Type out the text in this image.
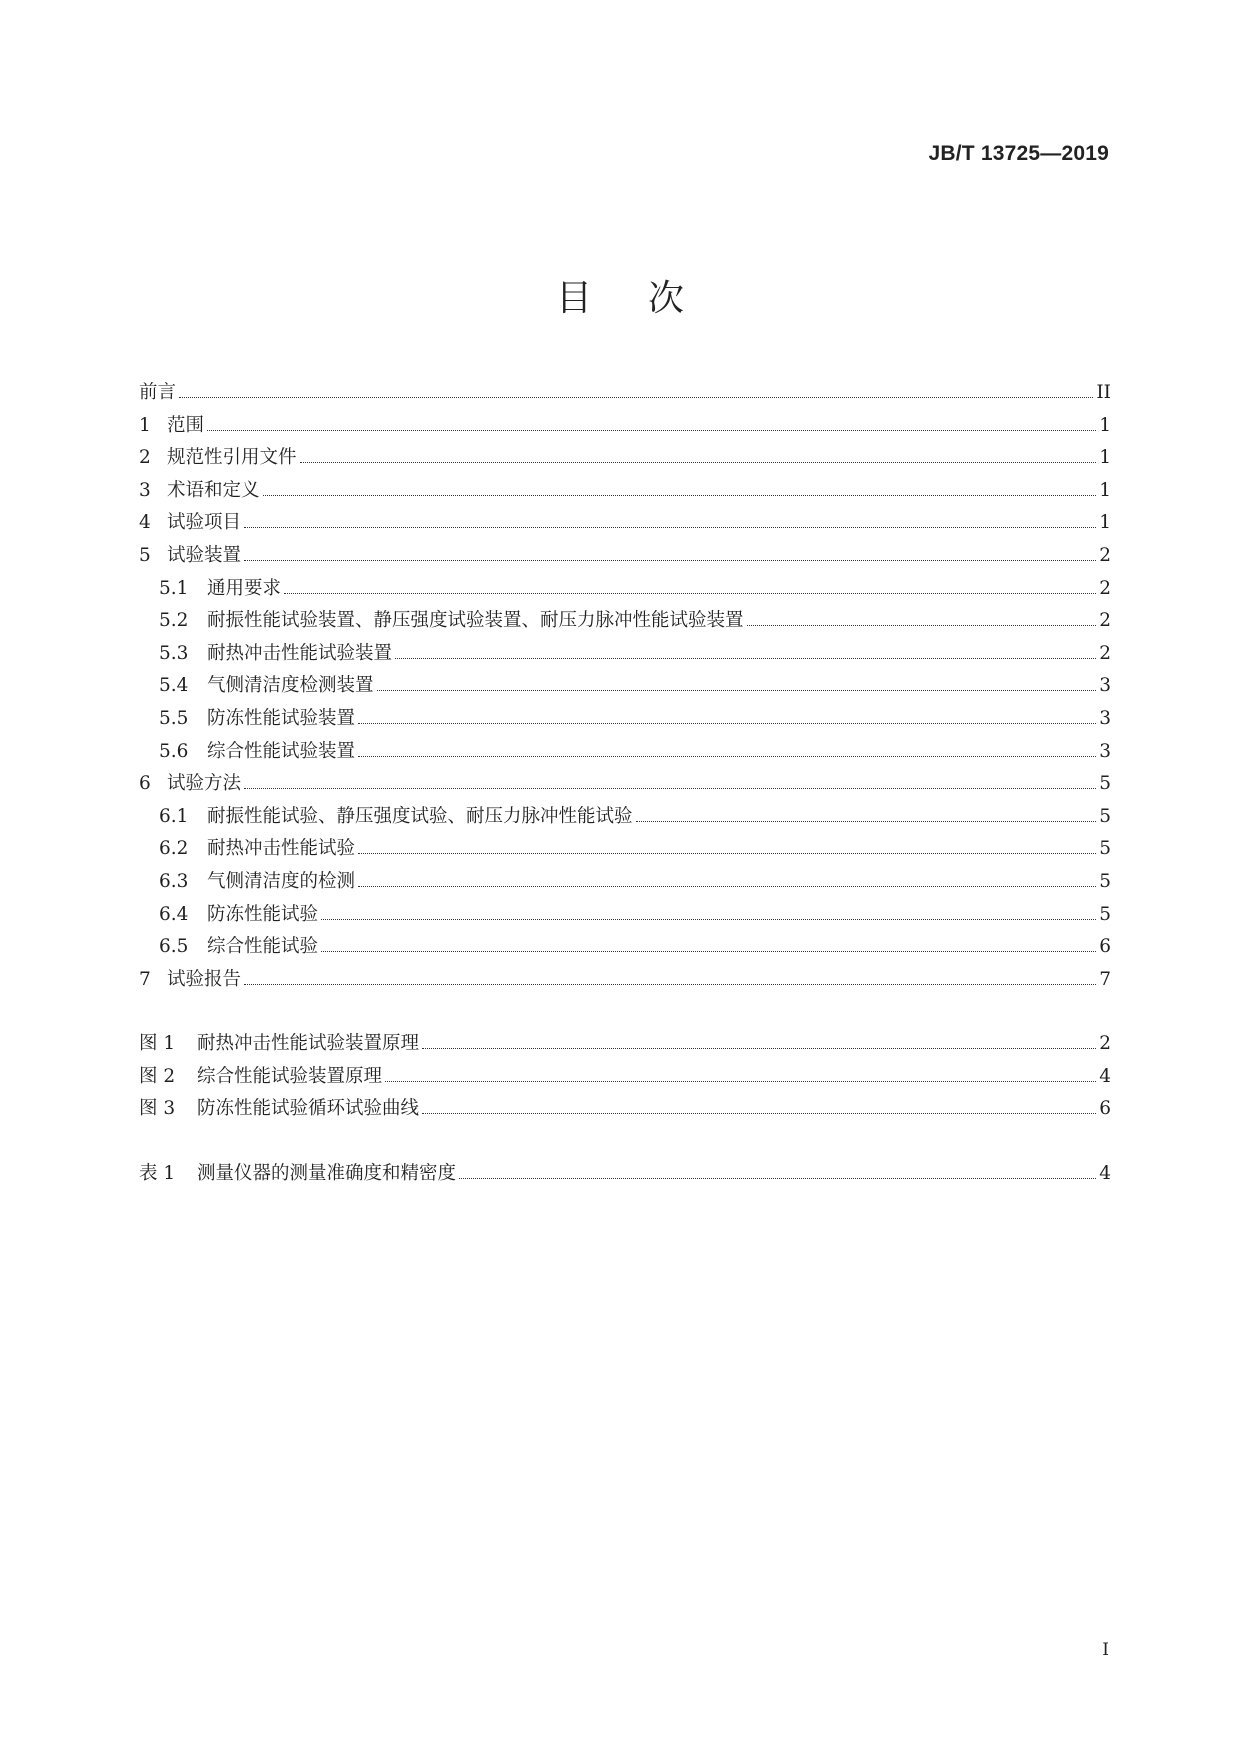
JB/T 13725—2019
目次
前言	II
1 范围	1
2 规范性引用文件	1
3 术语和定义	1
4 试验项目	1
5 试验装置	2
5.1	通用要求	2
5.2	耐振性能试验装置、静压强度试验装置、耐压力脉冲性能试验装置	2
5.3	耐热冲击性能试验装置	2
5.4	气侧清洁度检测装置	3
5.5	防冻性能试验装置	3
5.6	综合性能试验装置	3
6 试验方法	5
6.1	耐振性能试验、静压强度试验、耐压力脉冲性能试验	5
6.2	耐热冲击性能试验	5
6.3	气侧清洁度的检测	5
6.4	防冻性能试验	5
6.5	综合性能试验	6
7 试验报告	7
图 1	耐热冲击性能试验装置原理	2
图 2	综合性能试验装置原理	4
图 3	防冻性能试验循环试验曲线	6
表 1	测量仪器的测量准确度和精密度	4
I
